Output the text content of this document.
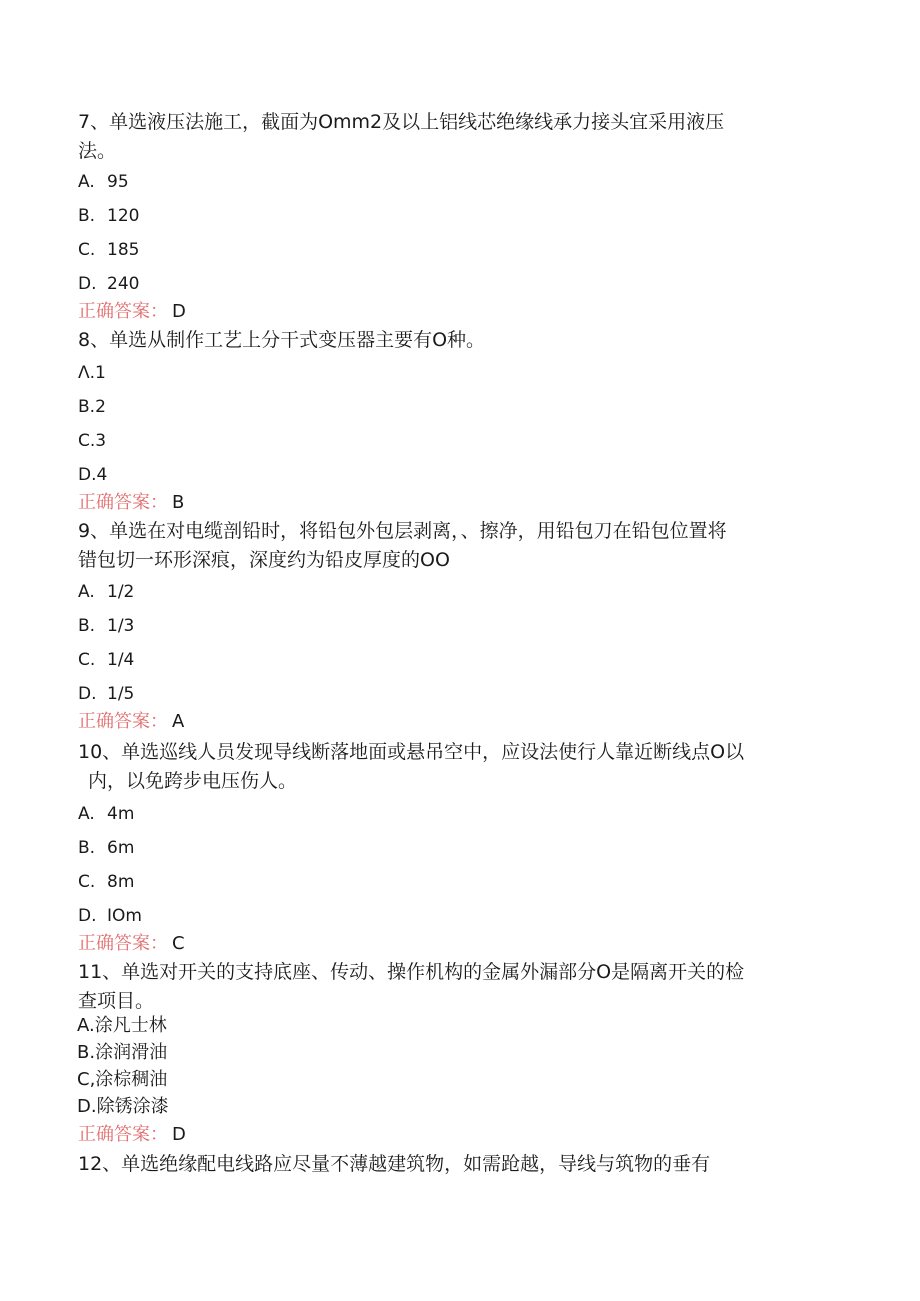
7、单选液压法施工，截面为Omm2及以上铝线芯绝缘线承力接头宜采用液压
法。
A. 95
B. 120
C. 185
D. 240
正确答案： D
8、单选从制作工艺上分干式变压器主要有O种。
Λ.1
B.2
C.3
D.4
正确答案： B
9、单选在对电缆剖铅时，将铅包外包层剥离，、擦净，用铅包刀在铅包位置将
错包切一环形深痕，深度约为铅皮厚度的OO
A. 1/2
B. 1/3
C. 1/4
D. 1/5
正确答案： A
10、单选巡线人员发现导线断落地面或悬吊空中，应设法使行人靠近断线点O以
内，以免跨步电压伤人。
A. 4m
B. 6m
C. 8m
D. IOm
正确答案： C
11、单选对开关的支持底座、传动、操作机构的金属外漏部分O是隔离开关的检
查项目。
A.涂凡士林
B.涂润滑油
C,涂棕稠油
D.除锈涂漆
正确答案： D
12、单选绝缘配电线路应尽量不薄越建筑物，如需跄越，导线与筑物的垂有
